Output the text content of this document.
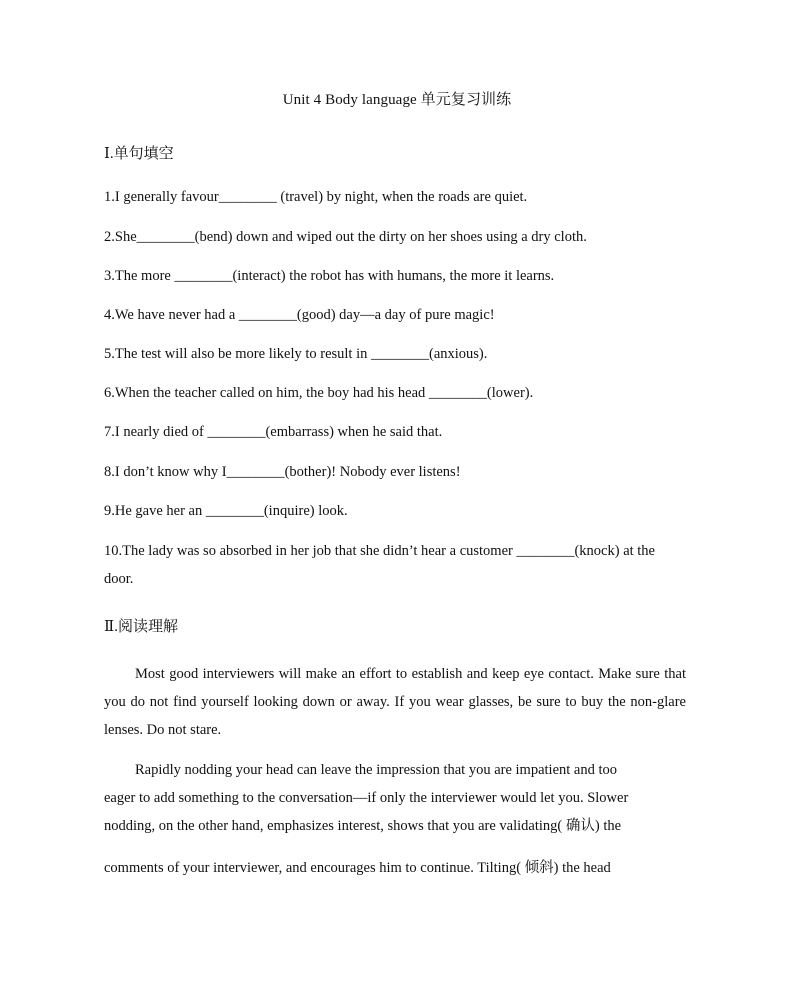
Unit 4 Body language 单元复习训练
Ⅰ.单句填空
1.I generally favour________ (travel) by night, when the roads are quiet.
2.She________(bend) down and wiped out the dirty on her shoes using a dry cloth.
3.The more ________(interact) the robot has with humans, the more it learns.
4.We have never had a ________(good) day—a day of pure magic!
5.The test will also be more likely to result in ________(anxious).
6.When the teacher called on him, the boy had his head ________(lower).
7.I nearly died of ________(embarrass) when he said that.
8.I don’t know why I________(bother)! Nobody ever listens!
9.He gave her an ________(inquire) look.
10.The lady was so absorbed in her job that she didn’t hear a customer ________(knock) at the door.
Ⅱ.阅读理解

Most good interviewers will make an effort to establish and keep eye contact. Make sure that you do not find yourself looking down or away. If you wear glasses, be sure to buy the non-glare lenses. Do not stare.

Rapidly nodding your head can leave the impression that you are impatient and too
eager to add something to the conversation—if only the interviewer would let you. Slower
nodding, on the other hand, emphasizes interest, shows that you are validating( 确认) the
comments of your interviewer, and encourages him to continue. Tilting( 倾斜) the head
